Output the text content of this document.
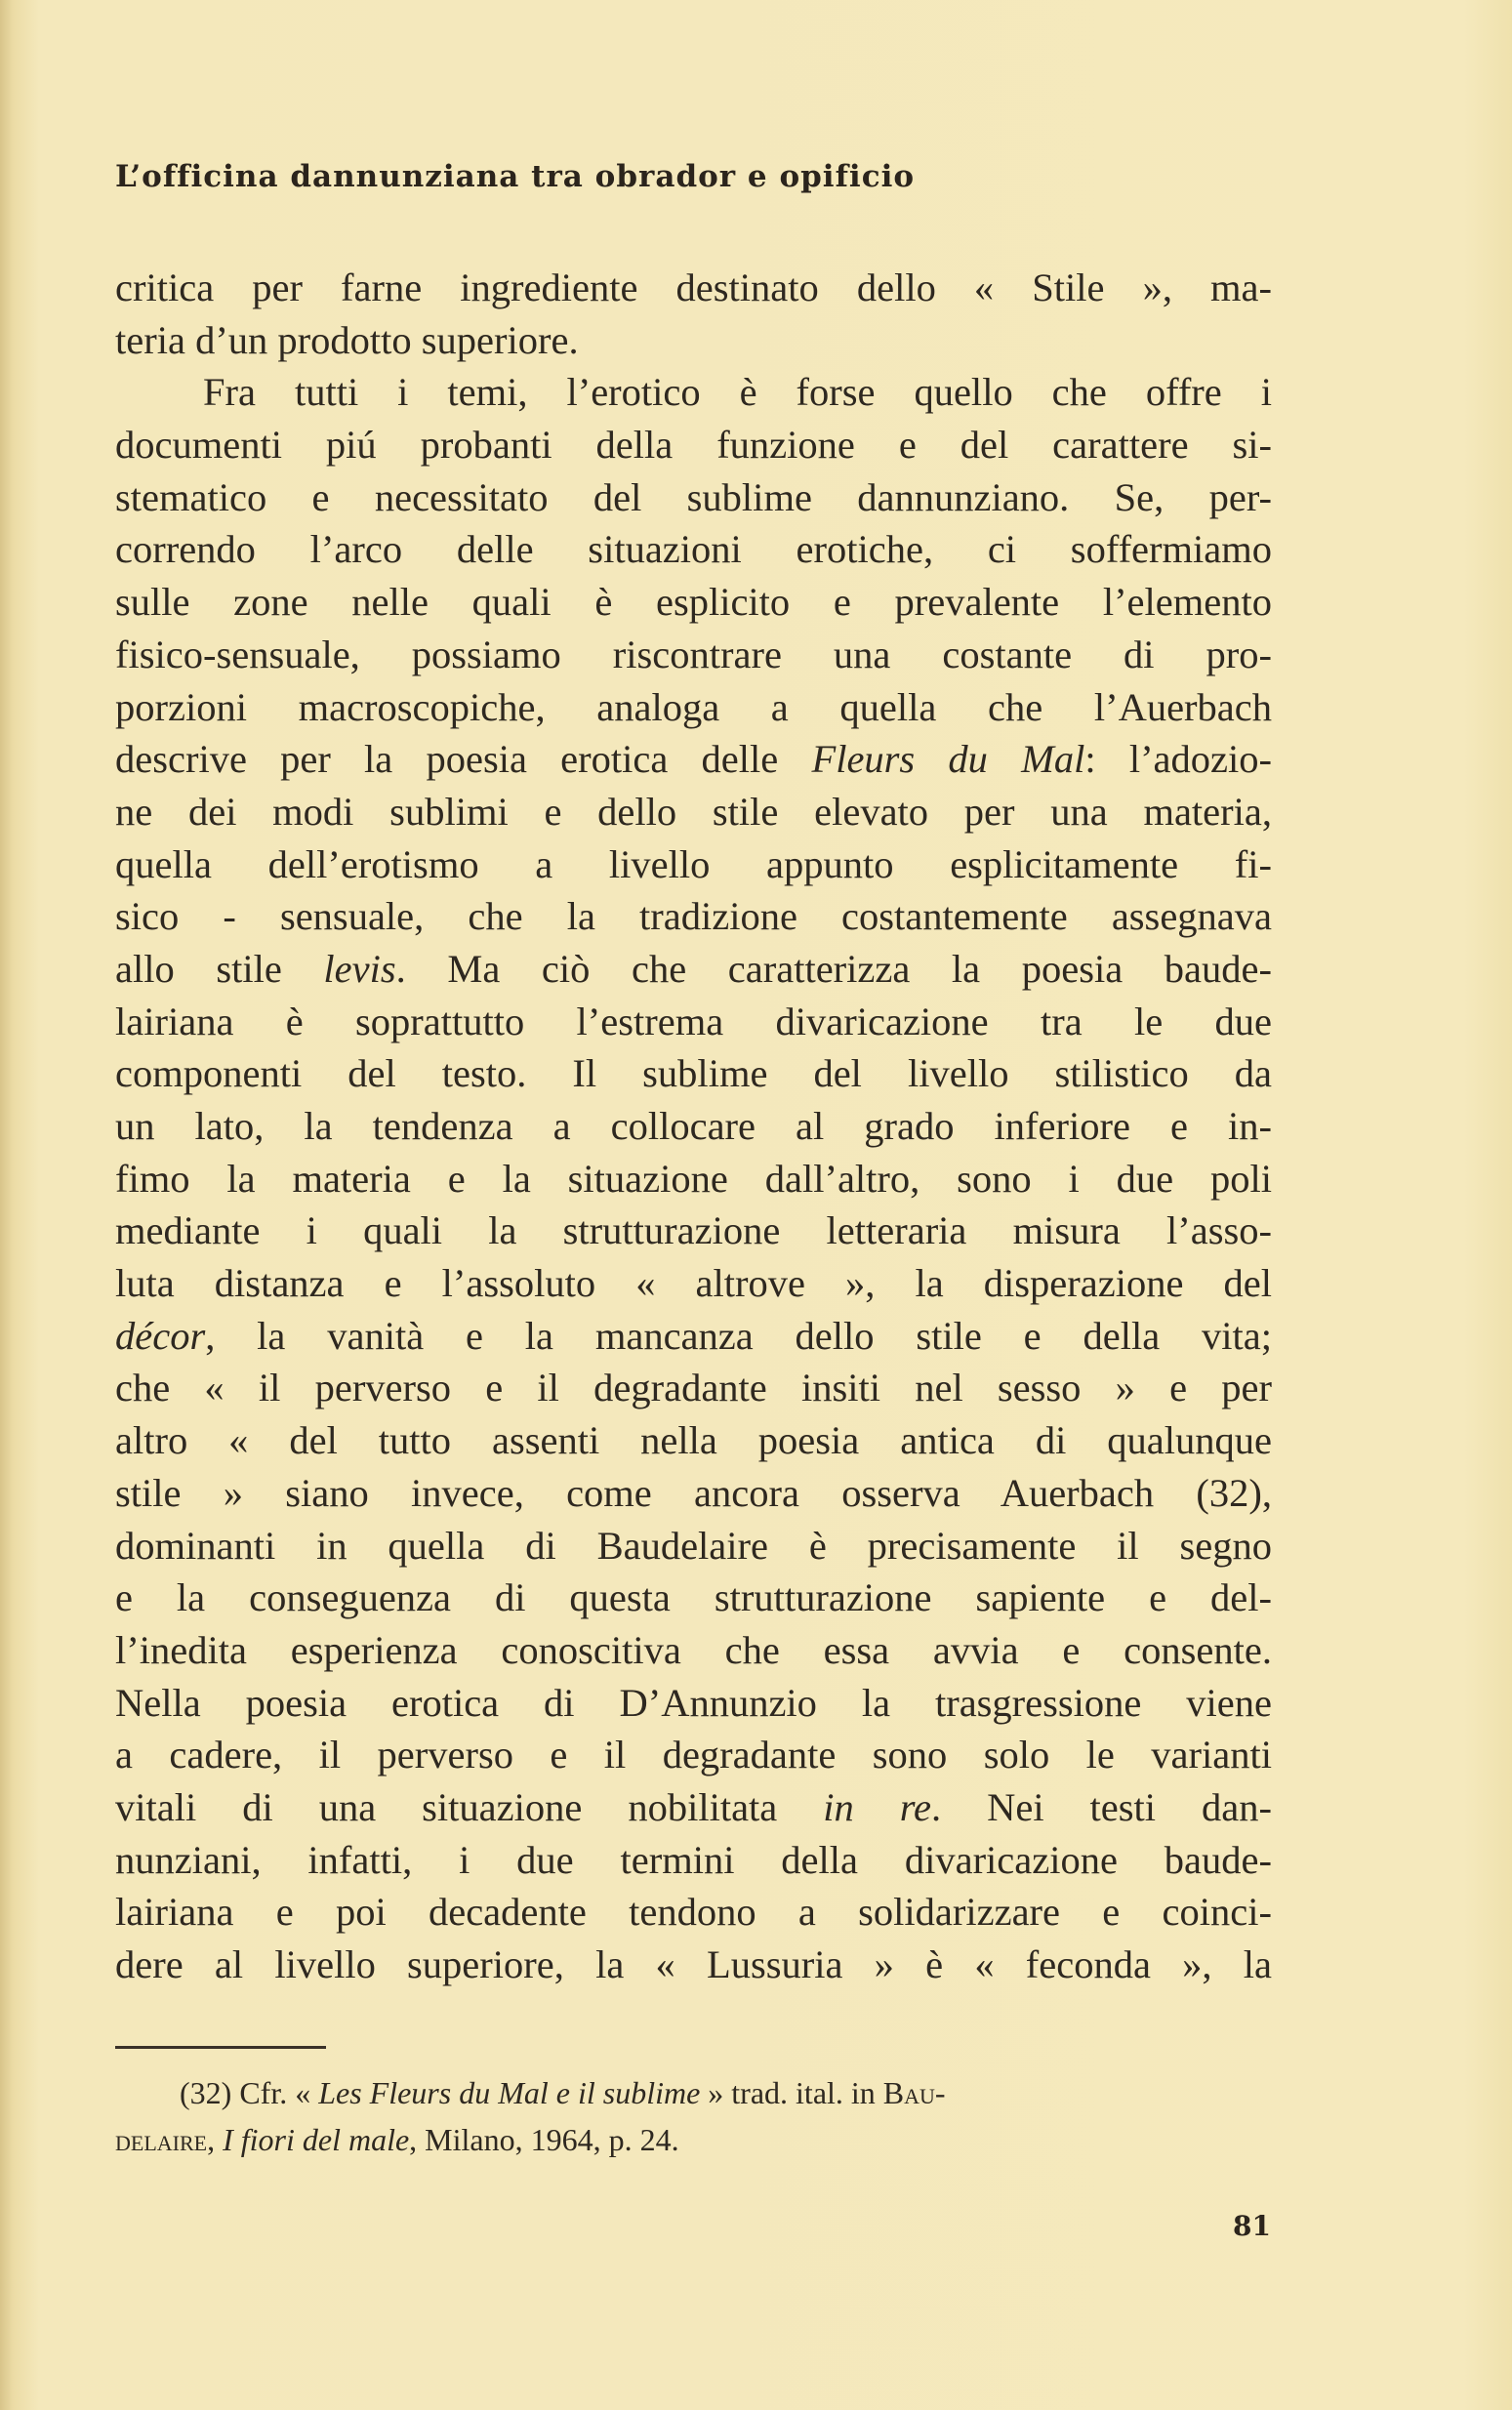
L’officina dannunziana tra obrador e opificio
critica per farne ingrediente destinato dello « Stile », ma-
teria d’un prodotto superiore.
Fra tutti i temi, l’erotico è forse quello che offre i
documenti piú probanti della funzione e del carattere si-
stematico e necessitato del sublime dannunziano. Se, per-
correndo l’arco delle situazioni erotiche, ci soffermiamo
sulle zone nelle quali è esplicito e prevalente l’elemento
fisico-sensuale, possiamo riscontrare una costante di pro-
porzioni macroscopiche, analoga a quella che l’Auerbach
descrive per la poesia erotica delle Fleurs du Mal: l’adozio-
ne dei modi sublimi e dello stile elevato per una materia,
quella dell’erotismo a livello appunto esplicitamente fi-
sico - sensuale, che la tradizione costantemente assegnava
allo stile levis. Ma ciò che caratterizza la poesia baude-
lairiana è soprattutto l’estrema divaricazione tra le due
componenti del testo. Il sublime del livello stilistico da
un lato, la tendenza a collocare al grado inferiore e in-
fimo la materia e la situazione dall’altro, sono i due poli
mediante i quali la strutturazione letteraria misura l’asso-
luta distanza e l’assoluto « altrove », la disperazione del
décor, la vanità e la mancanza dello stile e della vita;
che « il perverso e il degradante insiti nel sesso » e per
altro « del tutto assenti nella poesia antica di qualunque
stile » siano invece, come ancora osserva Auerbach (32),
dominanti in quella di Baudelaire è precisamente il segno
e la conseguenza di questa strutturazione sapiente e del-
l’inedita esperienza conoscitiva che essa avvia e consente.
Nella poesia erotica di D’Annunzio la trasgressione viene
a cadere, il perverso e il degradante sono solo le varianti
vitali di una situazione nobilitata in re. Nei testi dan-
nunziani, infatti, i due termini della divaricazione baude-
lairiana e poi decadente tendono a solidarizzare e coinci-
dere al livello superiore, la « Lussuria » è « feconda », la
(32) Cfr. « Les Fleurs du Mal e il sublime » trad. ital. in Bau-
delaire, I fiori del male, Milano, 1964, p. 24.
81
